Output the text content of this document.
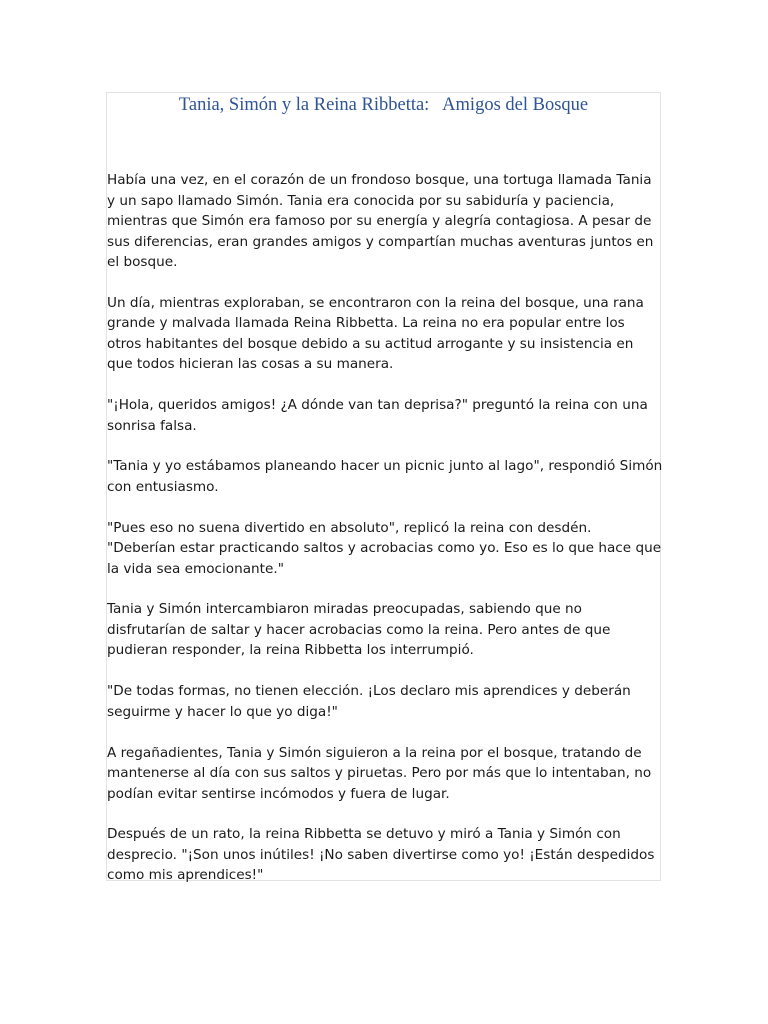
Tania, Simón y la Reina Ribbetta:   Amigos del Bosque

Había una vez, en el corazón de un frondoso bosque, una tortuga llamada Tania y un sapo llamado Simón. Tania era conocida por su sabiduría y paciencia, mientras que Simón era famoso por su energía y alegría contagiosa. A pesar de sus diferencias, eran grandes amigos y compartían muchas aventuras juntos en el bosque.

Un día, mientras exploraban, se encontraron con la reina del bosque, una rana grande y malvada llamada Reina Ribbetta. La reina no era popular entre los otros habitantes del bosque debido a su actitud arrogante y su insistencia en que todos hicieran las cosas a su manera.

"¡Hola, queridos amigos! ¿A dónde van tan deprisa?" preguntó la reina con una sonrisa falsa.

"Tania y yo estábamos planeando hacer un picnic junto al lago", respondió Simón con entusiasmo.

"Pues eso no suena divertido en absoluto", replicó la reina con desdén. "Deberían estar practicando saltos y acrobacias como yo. Eso es lo que hace que la vida sea emocionante."

Tania y Simón intercambiaron miradas preocupadas, sabiendo que no disfrutarían de saltar y hacer acrobacias como la reina. Pero antes de que pudieran responder, la reina Ribbetta los interrumpió.

"De todas formas, no tienen elección. ¡Los declaro mis aprendices y deberán seguirme y hacer lo que yo diga!"

A regañadientes, Tania y Simón siguieron a la reina por el bosque, tratando de mantenerse al día con sus saltos y piruetas. Pero por más que lo intentaban, no podían evitar sentirse incómodos y fuera de lugar.

Después de un rato, la reina Ribbetta se detuvo y miró a Tania y Simón con desprecio. "¡Son unos inútiles! ¡No saben divertirse como yo! ¡Están despedidos como mis aprendices!"
